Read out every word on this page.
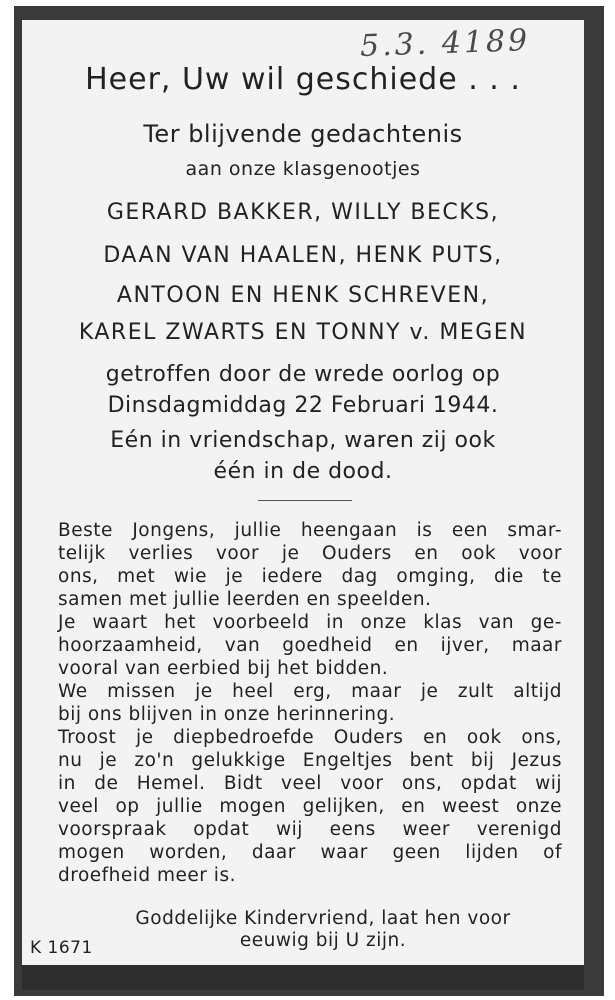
5.3. 4189
Heer, Uw wil geschiede . . .
Ter blijvende gedachtenis
aan onze klasgenootjes
GERARD BAKKER, WILLY BECKS,
DAAN VAN HAALEN, HENK PUTS,
ANTOON EN HENK SCHREVEN,
KAREL ZWARTS EN TONNY v. MEGEN
getroffen door de wrede oorlog op
Dinsdagmiddag 22 Februari 1944.
Eén in vriendschap, waren zij ook
één in de dood.
Beste Jongens, jullie heengaan is een smar-
telijk verlies voor je Ouders en ook voor
ons, met wie je iedere dag omging, die te
samen met jullie leerden en speelden.
Je waart het voorbeeld in onze klas van ge-
hoorzaamheid, van goedheid en ijver, maar
vooral van eerbied bij het bidden.
We missen je heel erg, maar je zult altijd
bij ons blijven in onze herinnering.
Troost je diepbedroefde Ouders en ook ons,
nu je zo'n gelukkige Engeltjes bent bij Jezus
in de Hemel. Bidt veel voor ons, opdat wij
veel op jullie mogen gelijken, en weest onze
voorspraak opdat wij eens weer verenigd
mogen worden, daar waar geen lijden of
droefheid meer is.
Goddelijke Kindervriend, laat hen voor
eeuwig bij U zijn.
K 1671
